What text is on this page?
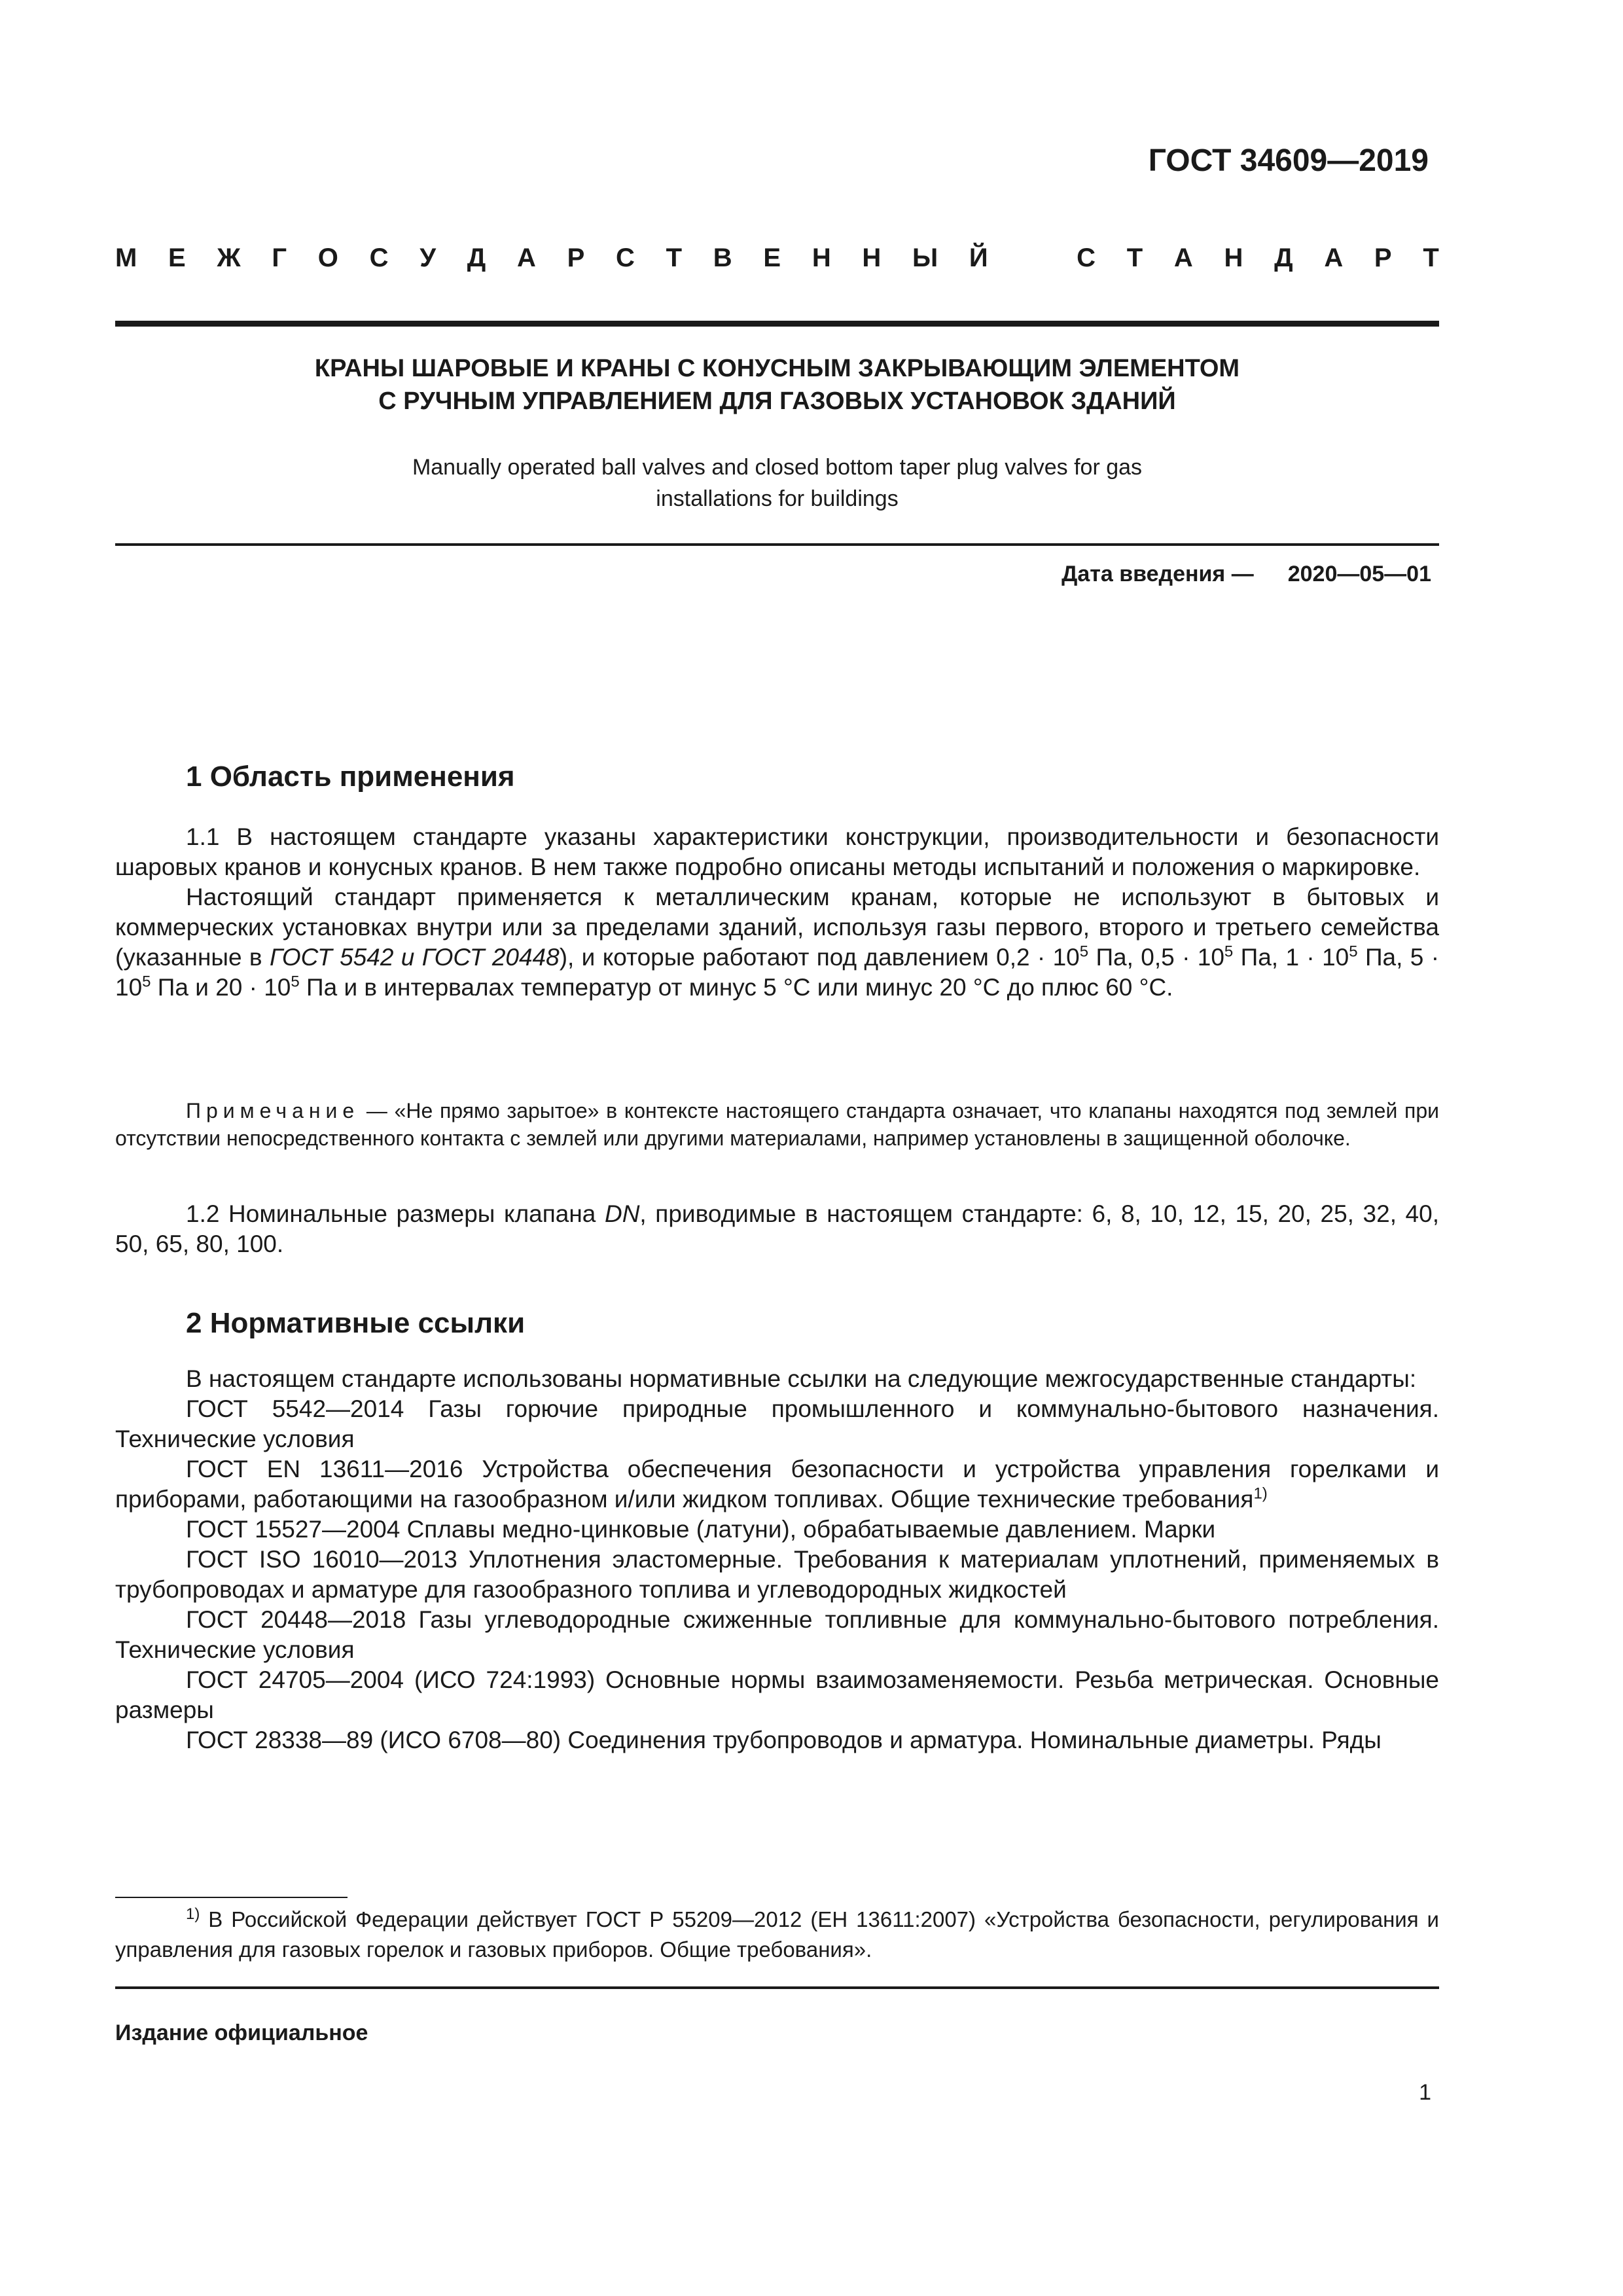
ГОСТ 34609—2019
М Е Ж Г О С У Д А Р С Т В Е Н Н Ы Й	С Т А Н Д А Р Т
КРАНЫ ШАРОВЫЕ И КРАНЫ С КОНУСНЫМ ЗАКРЫВАЮЩИМ ЭЛЕМЕНТОМ
С РУЧНЫМ УПРАВЛЕНИЕМ ДЛЯ ГАЗОВЫХ УСТАНОВОК ЗДАНИЙ
Manually operated ball valves and closed bottom taper plug valves for gas
installations for buildings
Дата введения — 2020—05—01
1 Область применения

1.1 В настоящем стандарте указаны характеристики конструкции, производительности и безопасности шаровых кранов и конусных кранов. В нем также подробно описаны методы испытаний и положения о маркировке.

Настоящий стандарт применяется к металлическим кранам, которые не используют в бытовых и коммерческих установках внутри или за пределами зданий, используя газы первого, второго и третьего семейства (указанные в ГОСТ 5542 и ГОСТ 20448), и которые работают под давлением $0,2 \cdot 10^5$ Па, $0,5 \cdot 10^5$ Па, $1 \cdot 10^5$ Па, $5 \cdot 10^5$ Па и $20 \cdot 10^5$ Па и в интервалах температур от минус 5 °С или минус 20 °С до плюс 60 °С.

Примечание — «Не прямо зарытое» в контексте настоящего стандарта означает, что клапаны находятся под землей при отсутствии непосредственного контакта с землей или другими материалами, например установлены в защищенной оболочке.

1.2 Номинальные размеры клапана DN, приводимые в настоящем стандарте: 6, 8, 10, 12, 15, 20, 25, 32, 40, 50, 65, 80, 100.

2 Нормативные ссылки

В настоящем стандарте использованы нормативные ссылки на следующие межгосударственные стандарты:

ГОСТ 5542—2014 Газы горючие природные промышленного и коммунально-бытового назначения. Технические условия

ГОСТ EN 13611—2016 Устройства обеспечения безопасности и устройства управления горелками и приборами, работающими на газообразном и/или жидком топливах. Общие технические требования$^{1)}$

ГОСТ 15527—2004 Сплавы медно-цинковые (латуни), обрабатываемые давлением. Марки

ГОСТ ISO 16010—2013 Уплотнения эластомерные. Требования к материалам уплотнений, применяемых в трубопроводах и арматуре для газообразного топлива и углеводородных жидкостей

ГОСТ 20448—2018 Газы углеводородные сжиженные топливные для коммунально-бытового потребления. Технические условия

ГОСТ 24705—2004 (ИСО 724:1993) Основные нормы взаимозаменяемости. Резьба метрическая. Основные размеры

ГОСТ 28338—89 (ИСО 6708—80) Соединения трубопроводов и арматура. Номинальные диаметры. Ряды

$^{1)}$ В Российской Федерации действует ГОСТ Р 55209—2012 (ЕН 13611:2007) «Устройства безопасности, регулирования и управления для газовых горелок и газовых приборов. Общие требования».

Издание официальное
1
